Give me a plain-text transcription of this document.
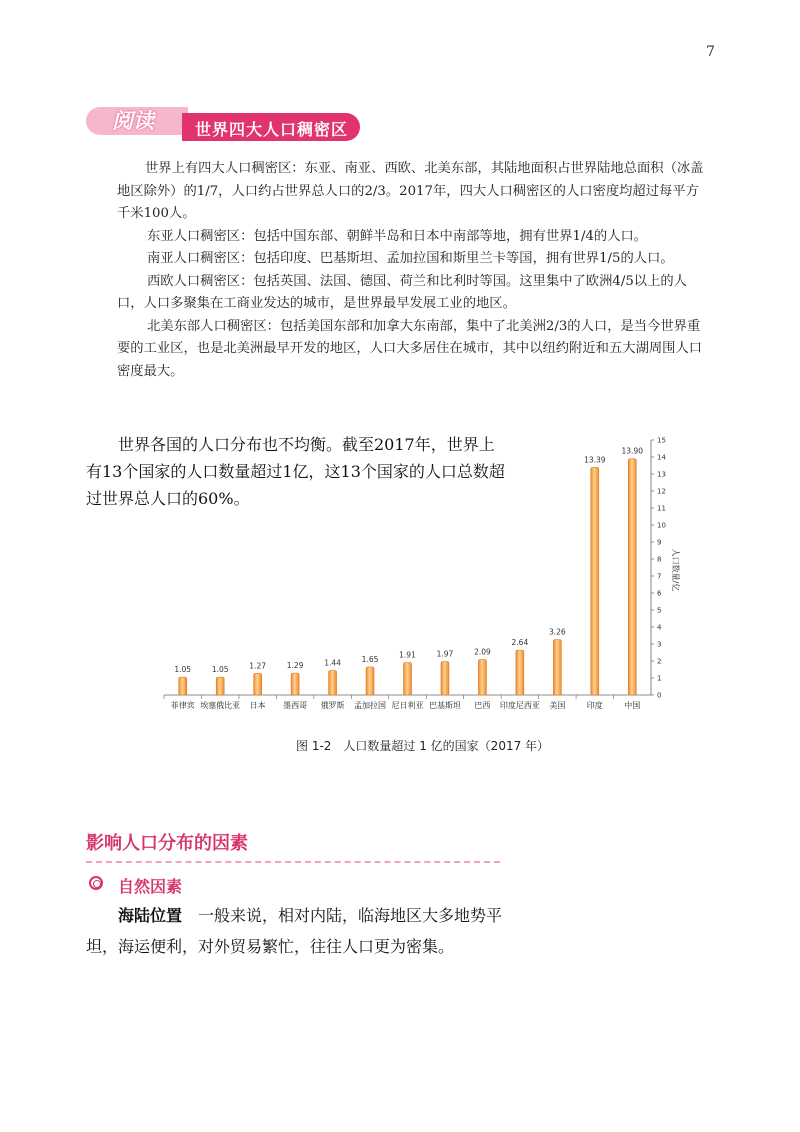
7
阅读	世界四大人口稠密区

世界上有四大人口稠密区：东亚、南亚、西欧、北美东部，其陆地面积占世界陆地总面积（冰盖地区除外）的1/7，人口约占世界总人口的2/3。2017年，四大人口稠密区的人口密度均超过每平方千米100人。

东亚人口稠密区：包括中国东部、朝鲜半岛和日本中南部等地，拥有世界1/4的人口。

南亚人口稠密区：包括印度、巴基斯坦、孟加拉国和斯里兰卡等国，拥有世界1/5的人口。

西欧人口稠密区：包括英国、法国、德国、荷兰和比利时等国。这里集中了欧洲4/5以上的人口，人口多聚集在工商业发达的城市，是世界最早发展工业的地区。

北美东部人口稠密区：包括美国东部和加拿大东南部，集中了北美洲2/3的人口，是当今世界重要的工业区，也是北美洲最早开发的地区，人口大多居住在城市，其中以纽约附近和五大湖周围人口密度最大。

世界各国的人口分布也不均衡。截至2017年，世界上有13个国家的人口数量超过1亿，这13个国家的人口总数超过世界总人口的60%。

0
1
2
3
4
5
6
7
8
9
10
11
12
13
14
15
人口数量/亿
1.05
菲律宾
1.05
埃塞俄比亚
1.27
日本
1.29
墨西哥
1.44
俄罗斯
1.65
孟加拉国
1.91
尼日利亚
1.97
巴基斯坦
2.09
巴西
2.64
印度尼西亚
3.26
美国
13.39
印度
13.90
中国
图 1-2　人口数量超过 1 亿的国家（2017 年）
影响人口分布的因素
自然因素

海陆位置　 一般来说，相对内陆，临海地区大多地势平坦，海运便利，对外贸易繁忙，往往人口更为密集。
